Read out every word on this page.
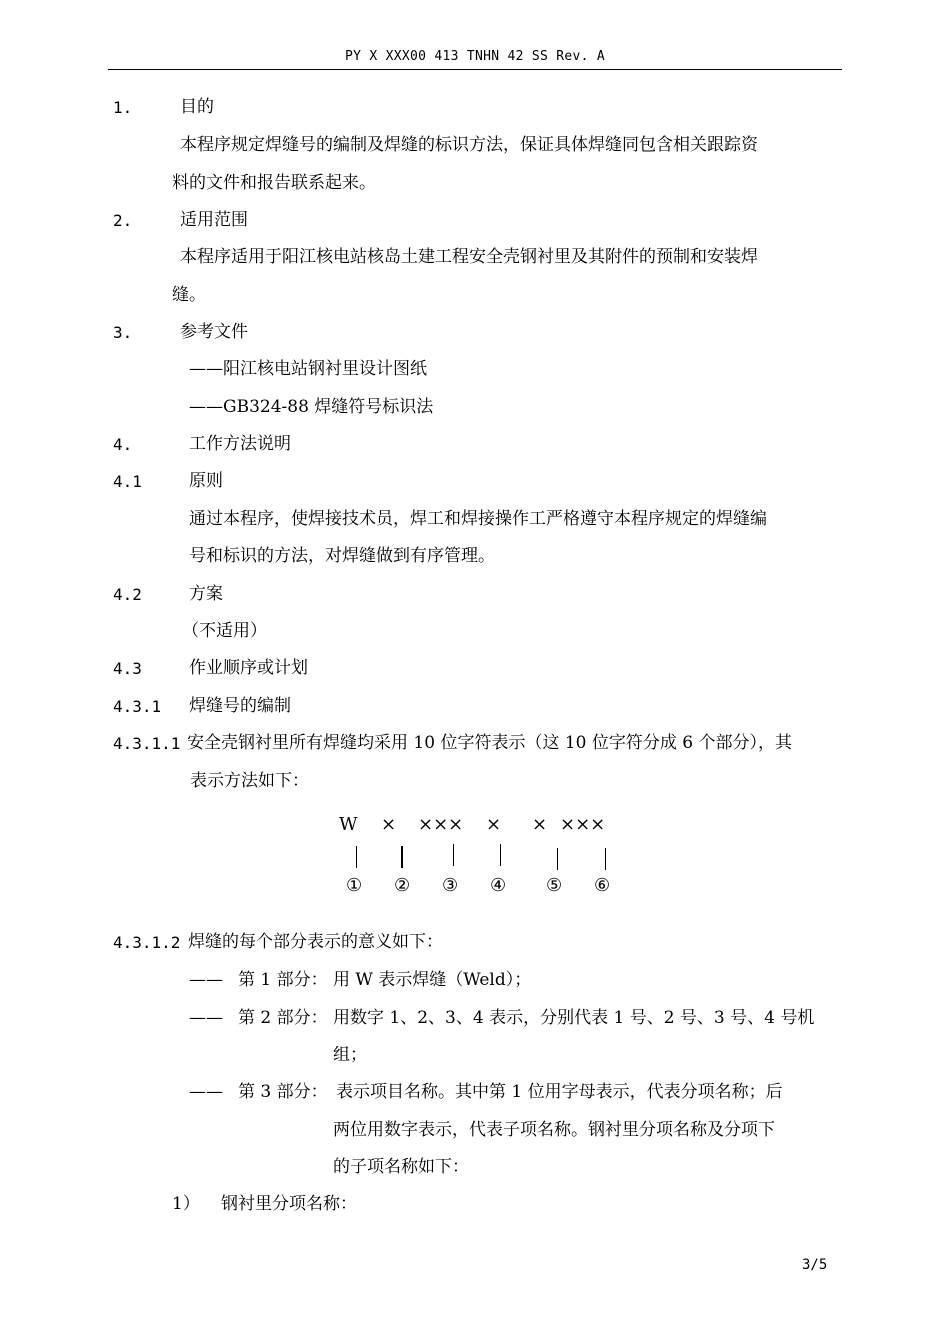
PY X XXX00 413 TNHN 42 SS Rev. A
1.	目的
本程序规定焊缝号的编制及焊缝的标识方法，保证具体焊缝同包含相关跟踪资
料的文件和报告联系起来。
2.	适用范围
本程序适用于阳江核电站核岛土建工程安全壳钢衬里及其附件的预制和安装焊
缝。
3.	参考文件
——阳江核电站钢衬里设计图纸
——GB324-88 焊缝符号标识法
4.	工作方法说明
4.1	原则
通过本程序，使焊接技术员，焊工和焊接操作工严格遵守本程序规定的焊缝编
号和标识的方法，对焊缝做到有序管理。
4.2	方案
（不适用）
4.3	作业顺序或计划
4.3.1 焊缝号的编制
4.3.1.1 安全壳钢衬里所有焊缝均采用 10 位字符表示（这 10 位字符分成 6 个部分），其
表示方法如下：
W × ××× × × ×××
① ② ③ ④ ⑤ ⑥
4.3.1.2 焊缝的每个部分表示的意义如下：
—— 第 1 部分： 用 W 表示焊缝（Weld）；
—— 第 2 部分： 用数字 1、2、3、4 表示，分别代表 1 号、2 号、3 号、4 号机
组；
—— 第 3 部分： 表示项目名称。其中第 1 位用字母表示，代表分项名称；后
两位用数字表示，代表子项名称。钢衬里分项名称及分项下
的子项名称如下：
1） 钢衬里分项名称：
3/5
